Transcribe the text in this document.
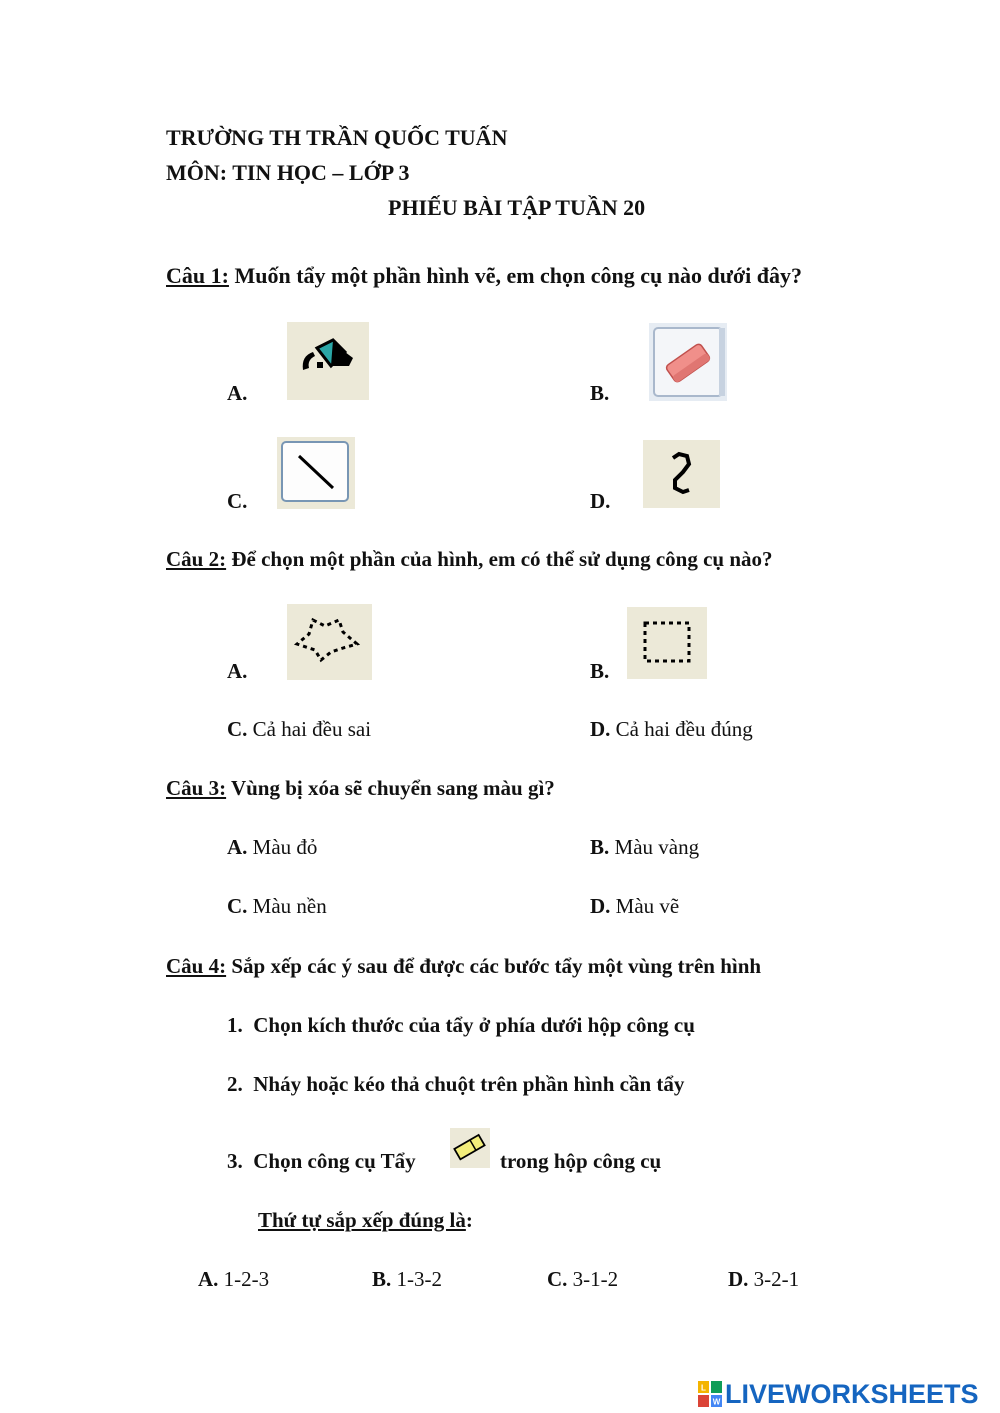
TRƯỜNG TH TRẦN QUỐC TUẤN
MÔN: TIN HỌC – LỚP 3
PHIẾU BÀI TẬP TUẦN 20
Câu 1: Muốn tẩy một phần hình vẽ, em chọn công cụ nào dưới đây?
A.	B.
C.	D.
Câu 2: Để chọn một phần của hình, em có thể sử dụng công cụ nào?
A.	B.
C. Cả hai đều sai	D. Cả hai đều đúng
Câu 3: Vùng bị xóa sẽ chuyển sang màu gì?
A. Màu đỏ	B. Màu vàng
C. Màu nền	D. Màu vẽ
Câu 4: Sắp xếp các ý sau để được các bước tẩy một vùng trên hình
1. Chọn kích thước của tẩy ở phía dưới hộp công cụ
2. Nháy hoặc kéo thả chuột trên phần hình cần tẩy
3. Chọn công cụ Tẩy	trong hộp công cụ
Thứ tự sắp xếp đúng là:
A. 1-2-3	B. 1-3-2	C. 3-1-2	D. 3-2-1
L
W LIVEWORKSHEETS
